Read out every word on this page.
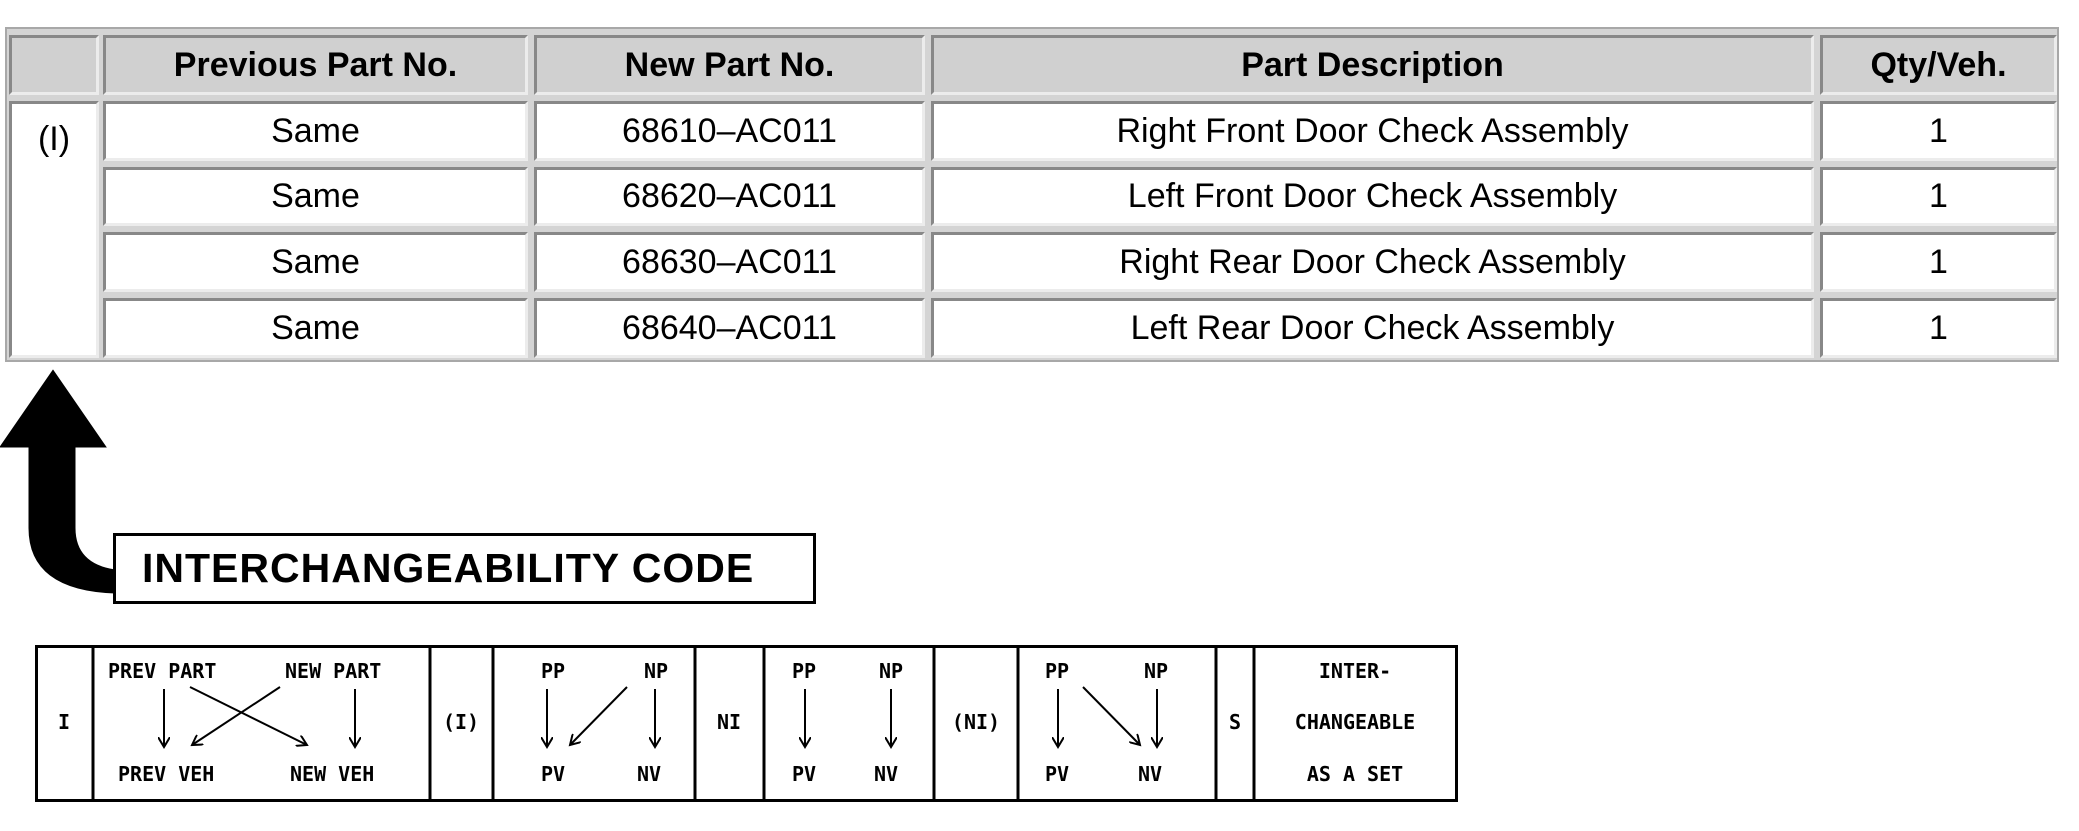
Previous Part No.	New Part No.	Part Description	Qty/Veh.
(I)	Same	68610–AC011	Right Front Door Check Assembly	1
Same	68620–AC011	Left Front Door Check Assembly	1
Same	68630–AC011	Right Rear Door Check Assembly	1
Same	68640–AC011	Left Rear Door Check Assembly	1
INTERCHANGEABILITY CODE
I
PREV PART	NEW PART
PREV VEH	NEW VEH
(I)
PP	NP
PV	NV
NI
PP	NP
PV	NV
(NI)
PP	NP
PV	NV
S
INTER-
CHANGEABLE
AS A SET
